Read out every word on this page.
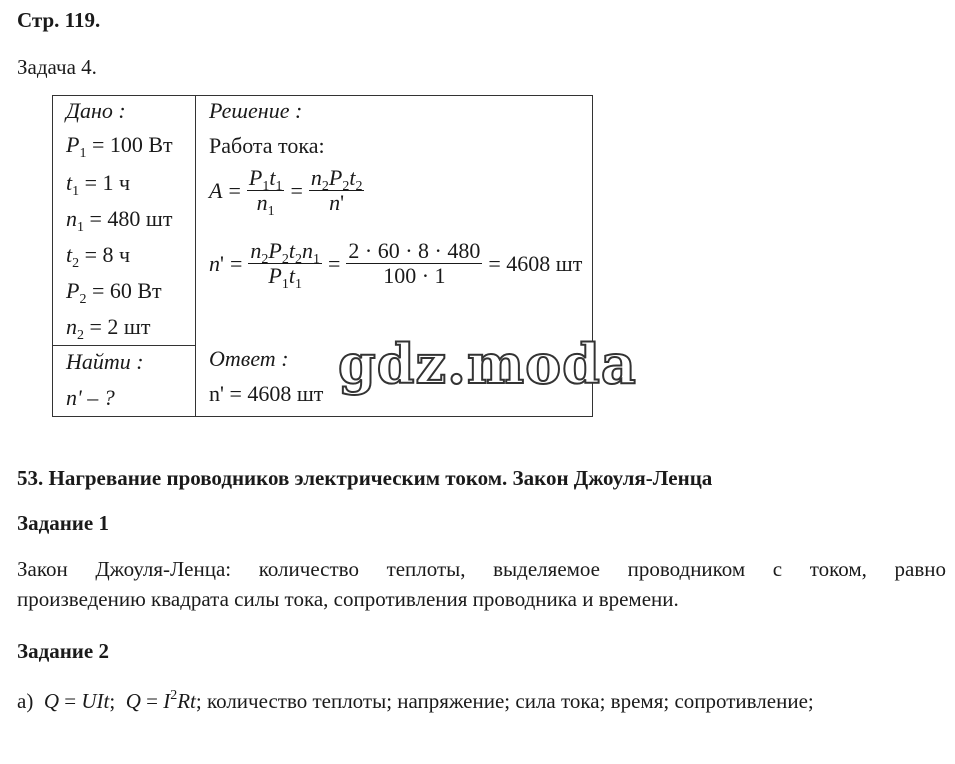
Стр. 119.
Задача 4.
Дано :
$P_1 = 100$ Вт
$t_1 = 1$ ч
$n_1 = 480$ шт
$t_2 = 8$ ч
$P_2 = 60$ Вт
$n_2 = 2$ шт
Найти :
n' – ?
Решение :
Работа тока:
$A = \frac{P_1t_1}{n_1} = \frac{n_2P_2t_2}{n'}$
$n' = \frac{n_2P_2t_2n_1}{P_1t_1} = \frac{2 \cdot 60 \cdot 8 \cdot 480}{100 \cdot 1} = 4608$ шт
Ответ :
n' = 4608 шт gdz.moda
53. Нагревание проводников электрическим током. Закон Джоуля-Ленца
Задание 1
Закон Джоуля-Ленца: количество теплоты, выделяемое проводником с током, равно
произведению квадрата силы тока, сопротивления проводника и времени.
Задание 2
а) Q = UIt;  $Q = I^2Rt$; количество теплоты; напряжение; сила тока; время; сопротивление;
